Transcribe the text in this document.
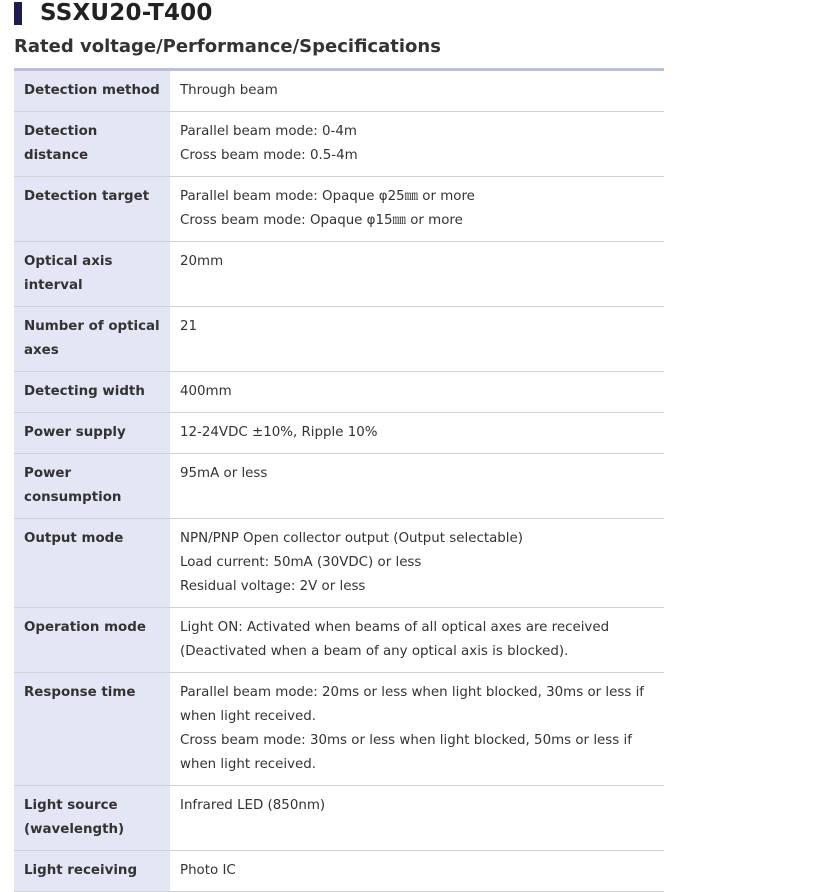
SSXU20-T400
Rated voltage/Performance/Specifications
Detection method	Through beam

Detection distance	Parallel beam mode: 0-4m
Cross beam mode: 0.5-4m

Detection target	Parallel beam mode: Opaque φ25㎜ or more
Cross beam mode: Opaque φ15㎜ or more

Optical axis interval	20mm

Number of optical axes	21

Detecting width	400mm

Power supply	12-24VDC ±10%, Ripple 10%

Power consumption	95mA or less

Output mode	NPN/PNP Open collector output (Output selectable)
Load current: 50mA (30VDC) or less
Residual voltage: 2V or less

Operation mode	Light ON: Activated when beams of all optical axes are received (Deactivated when a beam of any optical axis is blocked).

Response time	Parallel beam mode: 20ms or less when light blocked, 30ms or less if when light received.
Cross beam mode: 30ms or less when light blocked, 50ms or less if when light received.

Light source (wavelength)	Infrared LED (850nm)

Light receiving	Photo IC
